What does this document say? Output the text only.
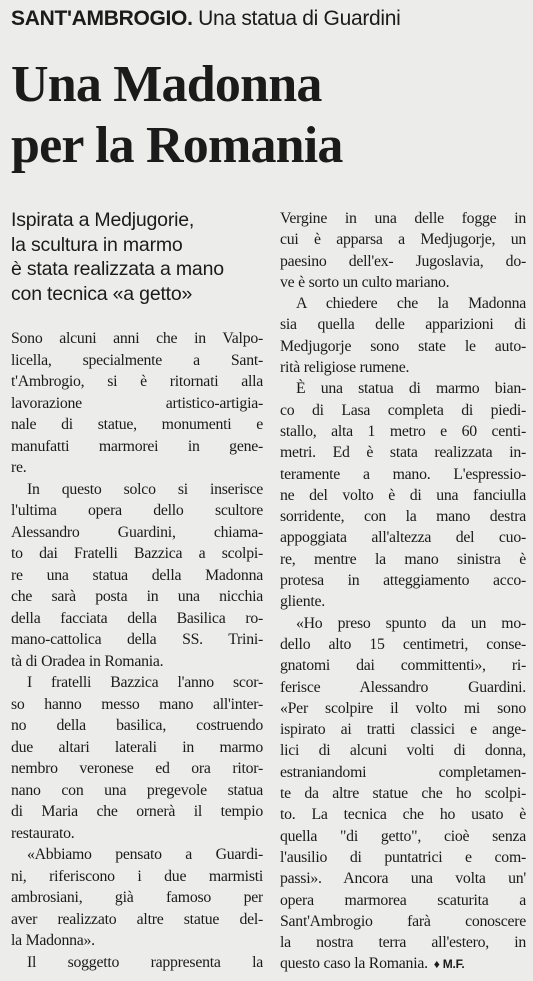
SANT'AMBROGIO. Una statua di Guardini
Una Madonna
per la Romania
Ispirata a Medjugorie,
la scultura in marmo
è stata realizzata a mano
con tecnica «a getto»
Sono alcuni anni che in Valpo-
licella, specialmente a Sant-
t'Ambrogio, si è ritornati alla
lavorazione artistico-artigia-
nale di statue, monumenti e
manufatti marmorei in gene-
re.
In questo solco si inserisce
l'ultima opera dello scultore
Alessandro Guardini, chiama-
to dai Fratelli Bazzica a scolpi-
re una statua della Madonna
che sarà posta in una nicchia
della facciata della Basilica ro-
mano-cattolica della SS. Trini-
tà di Oradea in Romania.
I fratelli Bazzica l'anno scor-
so hanno messo mano all'inter-
no della basilica, costruendo
due altari laterali in marmo
nembro veronese ed ora ritor-
nano con una pregevole statua
di Maria che ornerà il tempio
restaurato.
«Abbiamo pensato a Guardi-
ni, riferiscono i due marmisti
ambrosiani, già famoso per
aver realizzato altre statue del-
la Madonna».
Il soggetto rappresenta la
Vergine in una delle fogge in
cui è apparsa a Medjugorje, un
paesino dell'ex- Jugoslavia, do-
ve è sorto un culto mariano.
A chiedere che la Madonna
sia quella delle apparizioni di
Medjugorje sono state le auto-
rità religiose rumene.
È una statua di marmo bian-
co di Lasa completa di piedi-
stallo, alta 1 metro e 60 centi-
metri. Ed è stata realizzata in-
teramente a mano. L'espressio-
ne del volto è di una fanciulla
sorridente, con la mano destra
appoggiata all'altezza del cuo-
re, mentre la mano sinistra è
protesa in atteggiamento acco-
gliente.
«Ho preso spunto da un mo-
dello alto 15 centimetri, conse-
gnatomi dai committenti», ri-
ferisce Alessandro Guardini.
«Per scolpire il volto mi sono
ispirato ai tratti classici e ange-
lici di alcuni volti di donna,
estraniandomi completamen-
te da altre statue che ho scolpi-
to. La tecnica che ho usato è
quella "di getto", cioè senza
l'ausilio di puntatrici e com-
passi». Ancora una volta un'
opera marmorea scaturita a
Sant'Ambrogio farà conoscere
la nostra terra all'estero, in
questo caso la Romania. ♦ M.F.
